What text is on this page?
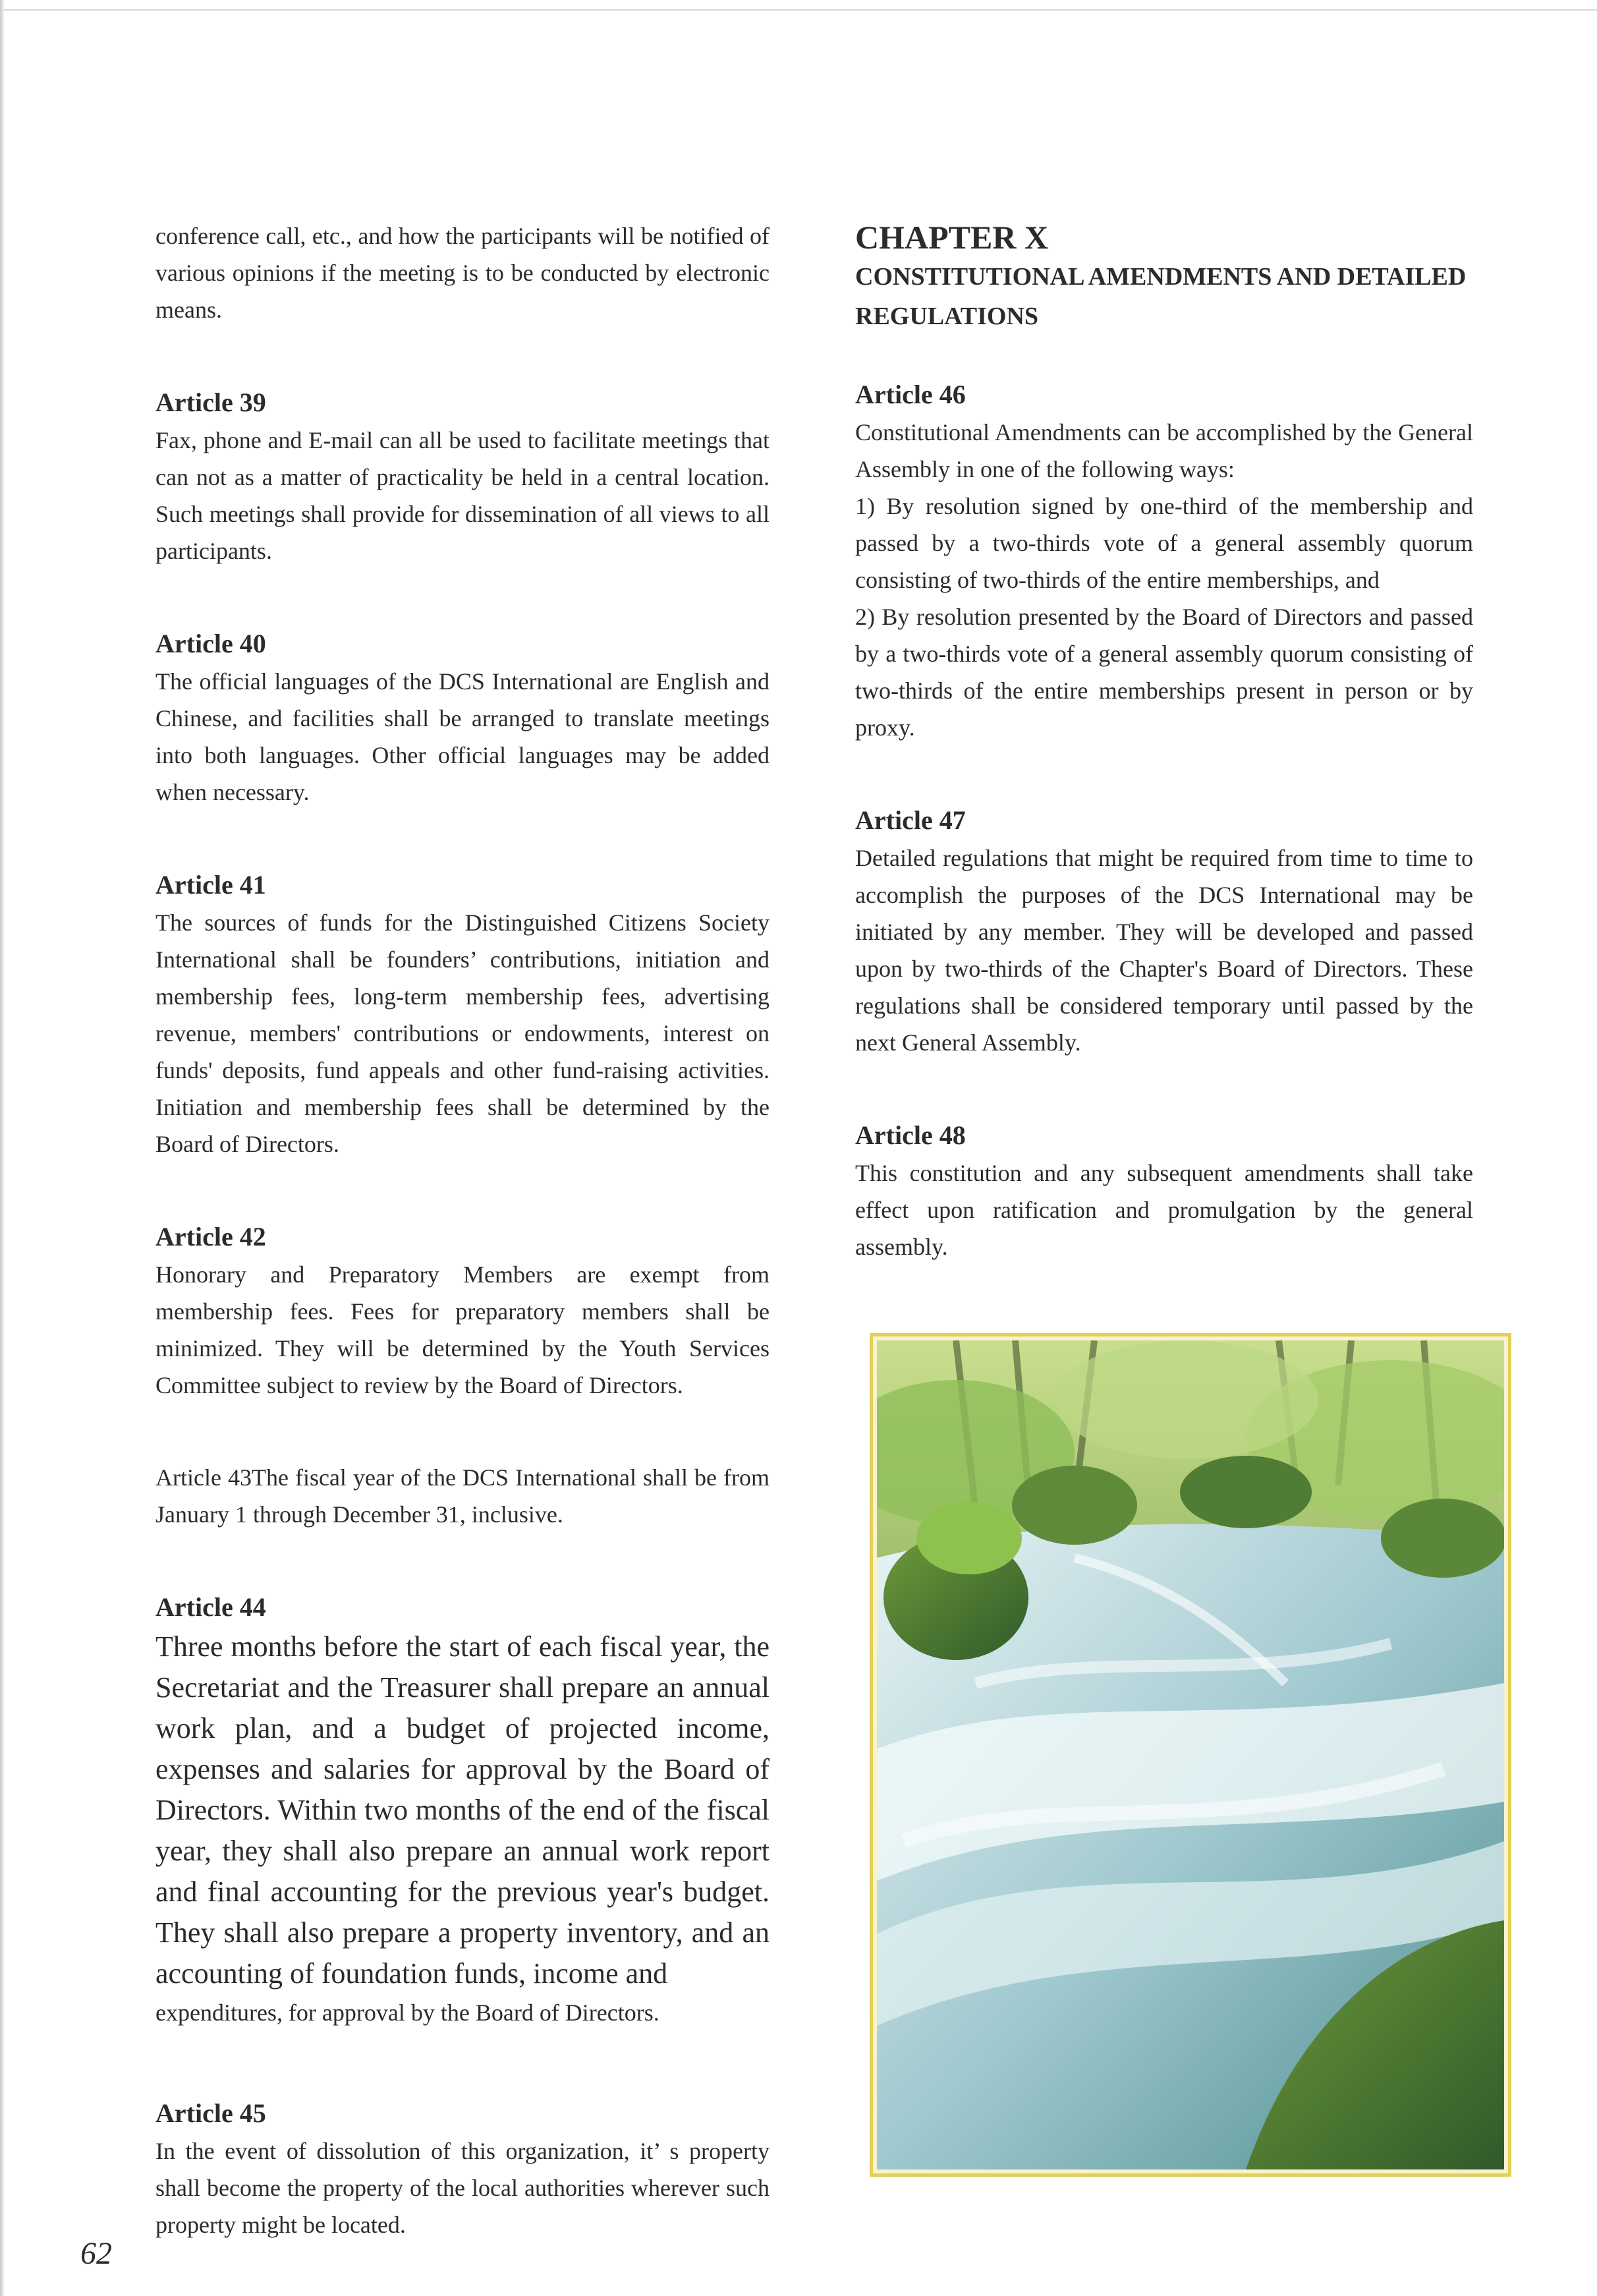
conference call, etc., and how the participants will be notified of various opinions if the meeting is to be conducted by electronic means.

Article 39

Fax, phone and E-mail can all be used to facilitate meetings that can not as a matter of practicality be held in a central location. Such meetings shall provide for dissemination of all views to all participants.

Article 40

The official languages of the DCS International are English and Chinese, and facilities shall be arranged to translate meetings into both languages. Other official languages may be added when necessary.

Article 41

The sources of funds for the Distinguished Citizens Society International shall be founders’ contributions, initiation and membership fees, long-term membership fees, advertising revenue, members' contributions or endowments, interest on funds' deposits, fund appeals and other fund-raising activities. Initiation and membership fees shall be determined by the Board of Directors.

Article 42

Honorary and Preparatory Members are exempt from membership fees. Fees for preparatory members shall be minimized. They will be determined by the Youth Services Committee subject to review by the Board of Directors.

Article 43The fiscal year of the DCS International shall be from January 1 through December 31, inclusive.

Article 44

Three months before the start of each fiscal year, the Secretariat and the Treasurer shall prepare an annual work plan, and a budget of projected income, expenses and salaries for approval by the Board of Directors. Within two months of the end of the fiscal year, they shall also prepare an annual work report and final accounting for the previous year's budget. They shall also prepare a property inventory, and an accounting of foundation funds, income and

expenditures, for approval by the Board of Directors.

Article 45

In the event of dissolution of this organization, it’ s property shall become the property of the local authorities wherever such property might be located.

CHAPTER X
CONSTITUTIONAL AMENDMENTS AND DETAILED REGULATIONS
Article 46

Constitutional Amendments can be accomplished by the General Assembly in one of the following ways:

1) By resolution signed by one-third of the membership and passed by a two-thirds vote of a general assembly quorum consisting of two-thirds of the entire memberships, and

2) By resolution presented by the Board of Directors and passed by a two-thirds vote of a general assembly quorum consisting of two-thirds of the entire memberships present in person or by proxy.

Article 47

Detailed regulations that might be required from time to time to accomplish the purposes of the DCS International may be initiated by any member. They will be developed and passed upon by two-thirds of the Chapter's Board of Directors. These regulations shall be considered temporary until passed by the next General Assembly.

Article 48

This constitution and any subsequent amendments shall take effect upon ratification and promulgation by the general assembly.

62
